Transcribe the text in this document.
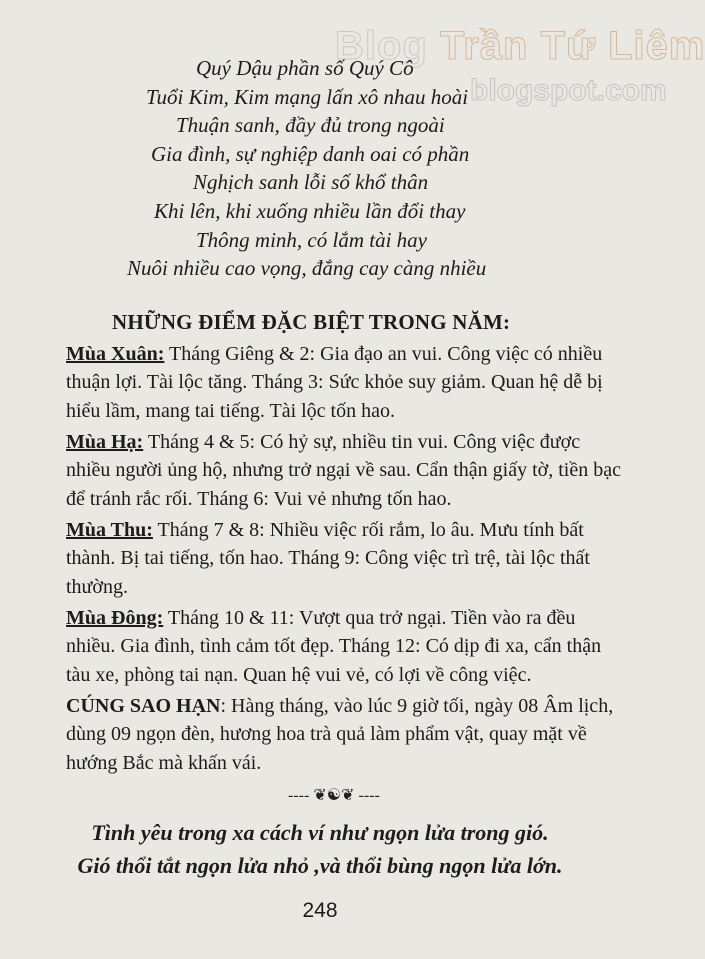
Blog Trần Tứ Liêm
blogspot.com
Quý Dậu phần số Quý Cô
Tuổi Kim, Kim mạng lấn xô nhau hoài
Thuận sanh, đầy đủ trong ngoài
Gia đình, sự nghiệp danh oai có phần
Nghịch sanh lỗi số khổ thân
Khi lên, khi xuống nhiều lần đổi thay
Thông minh, có lắm tài hay
Nuôi nhiều cao vọng, đắng cay càng nhiều
NHỮNG ĐIỂM ĐẶC BIỆT TRONG NĂM:

Mùa Xuân: Tháng Giêng & 2: Gia đạo an vui. Công việc có nhiều thuận lợi. Tài lộc tăng. Tháng 3: Sức khỏe suy giảm. Quan hệ dễ bị hiểu lầm, mang tai tiếng. Tài lộc tốn hao.

Mùa Hạ: Tháng 4 & 5: Có hỷ sự, nhiều tin vui. Công việc được nhiều người ủng hộ, nhưng trở ngại về sau. Cẩn thận giấy tờ, tiền bạc để tránh rắc rối. Tháng 6: Vui vẻ nhưng tốn hao.

Mùa Thu: Tháng 7 & 8: Nhiều việc rối rắm, lo âu. Mưu tính bất thành. Bị tai tiếng, tốn hao. Tháng 9: Công việc trì trệ, tài lộc thất thường.

Mùa Đông: Tháng 10 & 11: Vượt qua trở ngại. Tiền vào ra đều nhiều. Gia đình, tình cảm tốt đẹp. Tháng 12: Có dịp đi xa, cẩn thận tàu xe, phòng tai nạn. Quan hệ vui vẻ, có lợi về công việc.

CÚNG SAO HẠN: Hàng tháng, vào lúc 9 giờ tối, ngày 08 Âm lịch, dùng 09 ngọn đèn, hương hoa trà quả làm phẩm vật, quay mặt về hướng Bắc mà khấn vái.

---- ❦☯❦ ----
Tình yêu trong xa cách ví như ngọn lửa trong gió.
Gió thổi tắt ngọn lửa nhỏ ,và thổi bùng ngọn lửa lớn.
248
